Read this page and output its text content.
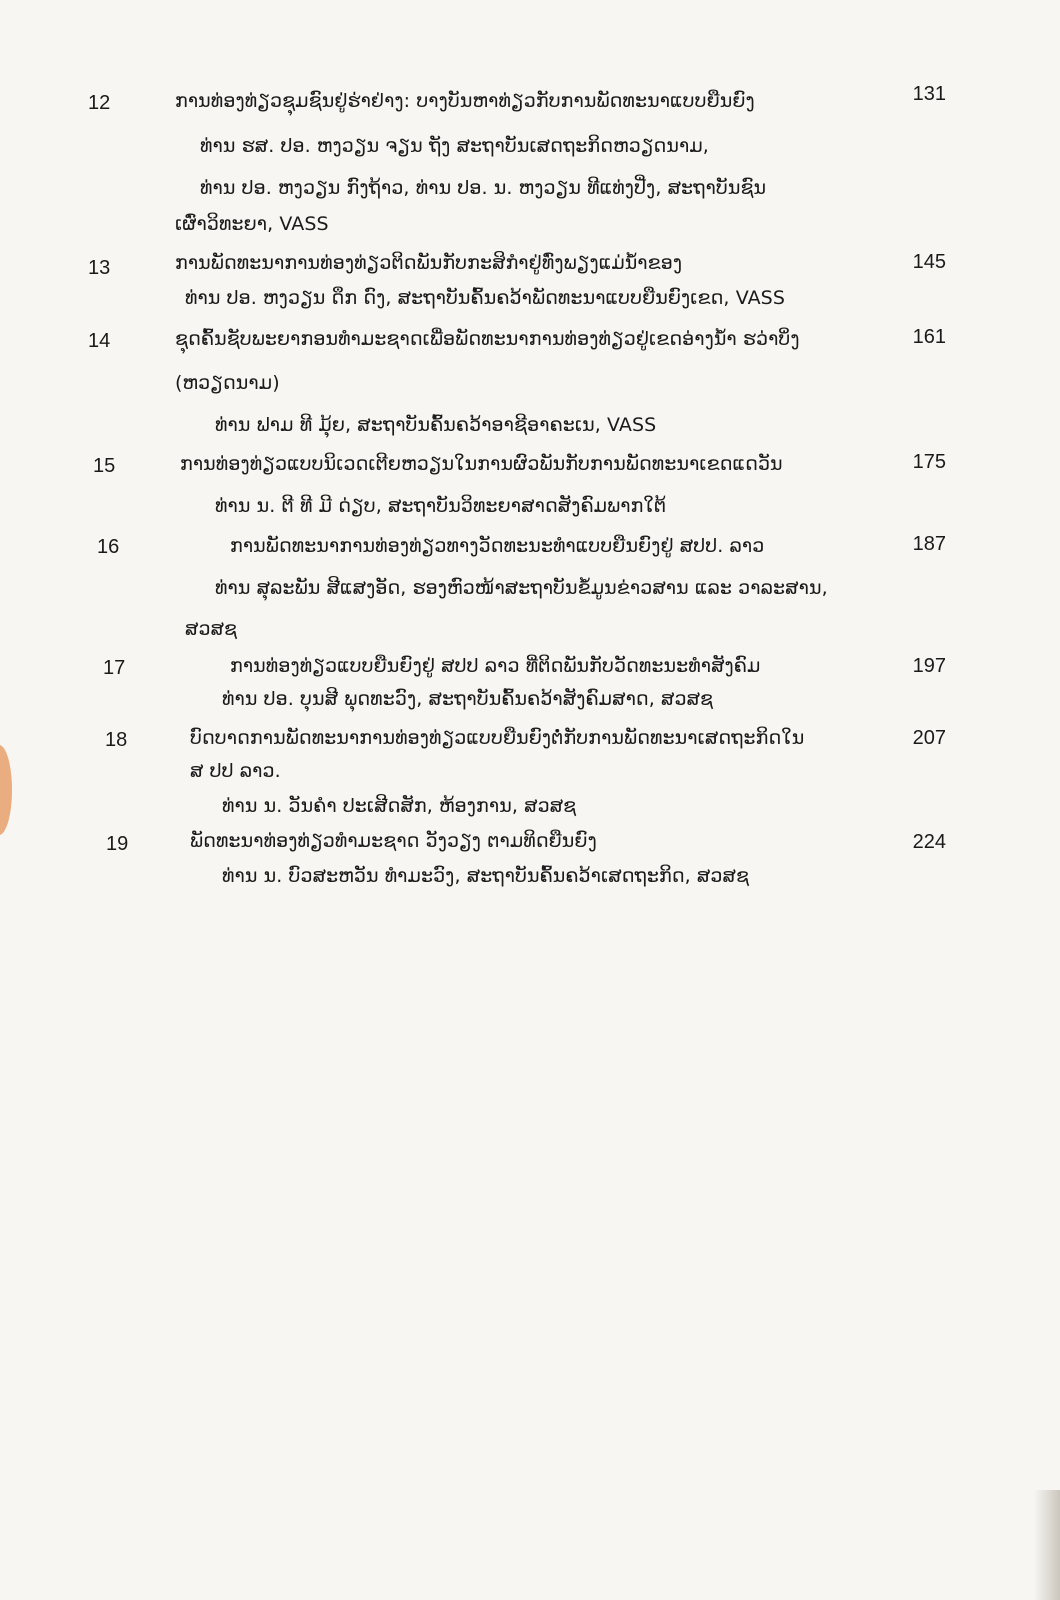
12	ການທ່ອງທ່ຽວຊຸມຊົນຢູ່ຮ່າຢ່າງ: ບາງບັນຫາທ່ຽວກັບການພັດທະນາແບບຍືນຍົງ	131
ທ່ານ ຮສ. ປອ. ຫງວຽນ ຈຽນ ຖັງ ສະຖາບັນເສດຖະກິດຫວຽດນາມ,
ທ່ານ ປອ. ຫງວຽນ ກົງຖ້າວ, ທ່ານ ປອ. ນ. ຫງວຽນ ທີແທ່ງປີ່ງ, ສະຖາບັນຊົນ
ເຜົ່າວິທະຍາ, VASS
13	ການພັດທະນາການທ່ອງທ່ຽວຕິດພັນກັບກະສິກຳຢູ່ທົ່ງພຽງແມ່ນ້ຳຂອງ	145
ທ່ານ ປອ. ຫງວຽນ ດຶກ ດົງ, ສະຖາບັນຄົ້ນຄວ້າພັດທະນາແບບຍືນຍົງເຂດ, VASS
14	ຊຸດຄົ້ນຊັບພະຍາກອນທຳມະຊາດເພື່ອພັດທະນາການທ່ອງທ່ຽວຢູ່ເຂດອ່າງນ້ຳ ຮວ່າບິ່ງ	161
(ຫວຽດນາມ)
ທ່ານ ຟາມ ທີ ມຸ້ຍ, ສະຖາບັນຄົ້ນຄວ້າອາຊີອາຄະເນ, VASS
15	ການທ່ອງທ່ຽວແບບນິເວດເຕີຍຫວຽນໃນການຜົວພັນກັບການພັດທະນາເຂດແດວັນ	175
ທ່ານ ນ. ຕີ ທີ ມີ ດ່ຽບ, ສະຖາບັນວິທະຍາສາດສັງຄົມພາກໃຕ້
16	ການພັດທະນາການທ່ອງທ່ຽວທາງວັດທະນະທຳແບບຍືນຍົງຢູ່ ສປປ. ລາວ	187
ທ່ານ ສຸລະພັນ ສີແສງອັດ, ຮອງຫົວໜ້າສະຖາບັນຂໍ້ມູນຂ່າວສານ ແລະ ວາລະສານ,
ສວສຊ
17	ການທ່ອງທ່ຽວແບບຍືນຍົງຢູ່ ສປປ ລາວ ທີ່ຕິດພັນກັບວັດທະນະທຳສັງຄົມ	197
ທ່ານ ປອ. ບຸນສີ ພຸດທະວົງ, ສະຖາບັນຄົ້ນຄວ້າສັງຄົມສາດ, ສວສຊ
18	ບົດບາດການພັດທະນາການທ່ອງທ່ຽວແບບຍືນຍົງຕໍ່ກັບການພັດທະນາເສດຖະກິດໃນ	207
ສ ປປ ລາວ.
ທ່ານ ນ. ວັນຄຳ ປະເສີດສັກ, ຫ້ອງການ, ສວສຊ
19	ພັດທະນາທ່ອງທ່ຽວທຳມະຊາດ ວັງວຽງ ຕາມທິດຍືນຍົງ	224
ທ່ານ ນ. ບົວສະຫວັນ ທຳມະວົງ, ສະຖາບັນຄົ້ນຄວ້າເສດຖະກິດ, ສວສຊ
